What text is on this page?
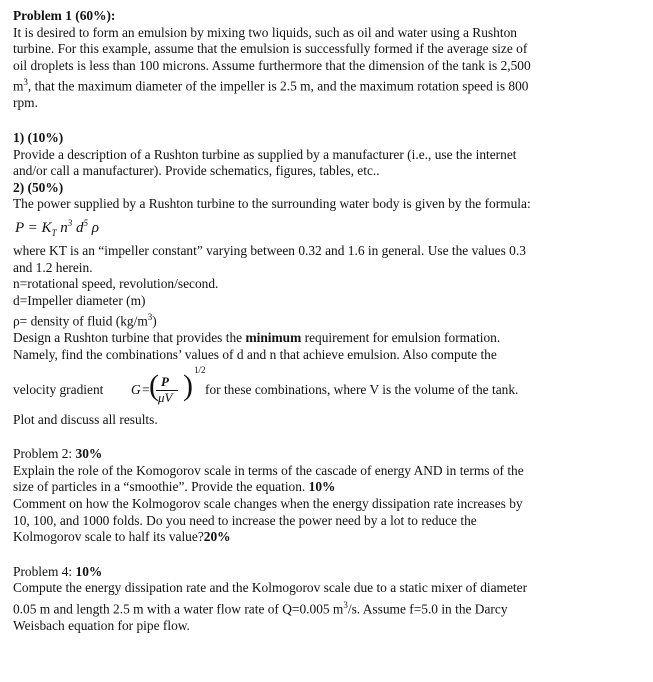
Problem 1 (60%):

It is desired to form an emulsion by mixing two liquids, such as oil and water using a Rushton

turbine. For this example, assume that the emulsion is successfully formed if the average size of

oil droplets is less than 100 microns. Assume furthermore that the dimension of the tank is 2,500

$m^3$, that the maximum diameter of the impeller is 2.5 m, and the maximum rotation speed is 800

rpm.

1) (10%)

Provide a description of a Rushton turbine as supplied by a manufacturer (i.e., use the internet

and/or call a manufacturer). Provide schematics, figures, tables, etc..

2) (50%)

The power supplied by a Rushton turbine to the surrounding water body is given by the formula:

$P = K_T$ $n^3$ $d^5$ ρ

where KT is an “impeller constant” varying between 0.32 and 1.6 in general. Use the values 0.3

and 1.2 herein.

n=rotational speed, revolution/second.

d=Impeller diameter (m)

ρ= density of fluid $(kg/m^3)$

Design a Rushton turbine that provides the minimum requirement for emulsion formation.

Namely, find the combinations’ values of d and n that achieve emulsion. Also compute the

velocity gradient G = ( P
μV ) 1/2
for these combinations, where V is the volume of the tank.

Plot and discuss all results.

Problem 2: 30%

Explain the role of the Komogorov scale in terms of the cascade of energy AND in terms of the

size of particles in a “smoothie”. Provide the equation. 10%

Comment on how the Kolmogorov scale changes when the energy dissipation rate increases by

10, 100, and 1000 folds. Do you need to increase the power need by a lot to reduce the

Kolmogorov scale to half its value?20%

Problem 4: 10%

Compute the energy dissipation rate and the Kolmogorov scale due to a static mixer of diameter

0.05 m and length 2.5 m with a water flow rate of Q=0.005 $m^3/s$. Assume f=5.0 in the Darcy

Weisbach equation for pipe flow.
